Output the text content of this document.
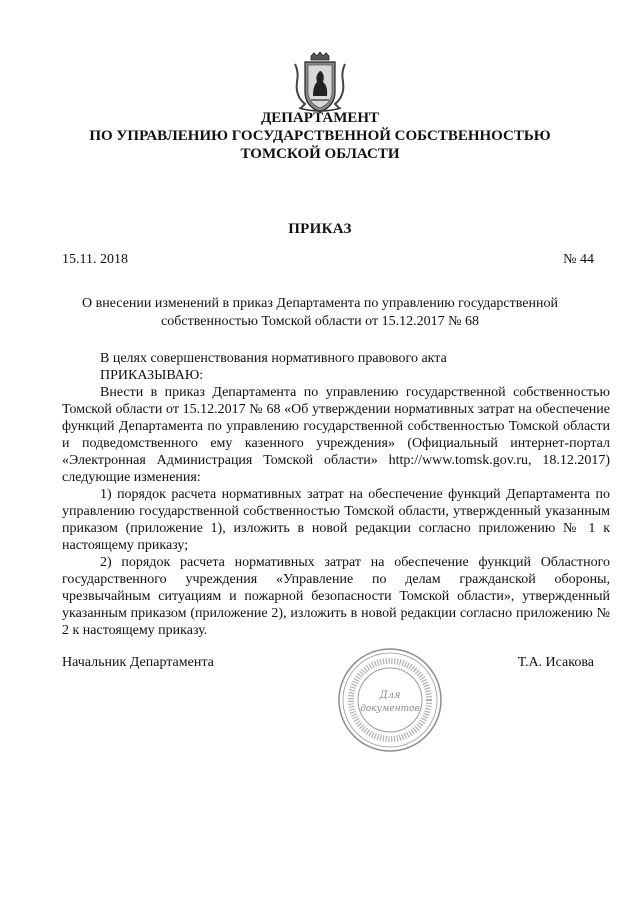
ДЕПАРТАМЕНТ
ПО УПРАВЛЕНИЮ ГОСУДАРСТВЕННОЙ СОБСТВЕННОСТЬЮ
ТОМСКОЙ ОБЛАСТИ
ПРИКАЗ
15.11. 2018	№ 44
О внесении изменений в приказ Департамента по управлению государственной
собственностью Томской области от 15.12.2017 № 68

В целях совершенствования нормативного правового акта

ПРИКАЗЫВАЮ:

Внести в приказ Департамента по управлению государственной собственностью Томской области от 15.12.2017 № 68 «Об утверждении нормативных затрат на обеспечение функций Департамента по управлению государственной собственностью Томской области и подведомственного ему казенного учреждения» (Официальный интернет-портал «Электронная Администрация Томской области» http://www.tomsk.gov.ru, 18.12.2017) следующие изменения:

1) порядок расчета нормативных затрат на обеспечение функций Департамента по управлению государственной собственностью Томской области, утвержденный указанным приказом (приложение 1), изложить в новой редакции согласно приложению № 1 к настоящему приказу;

2) порядок расчета нормативных затрат на обеспечение функций Областного государственного учреждения «Управление по делам гражданской обороны, чрезвычайным ситуациям и пожарной безопасности Томской области», утвержденный указанным приказом (приложение 2), изложить в новой редакции согласно приложению № 2 к настоящему приказу.

Начальник Департамента	Т.А. Исакова
Для
документов
